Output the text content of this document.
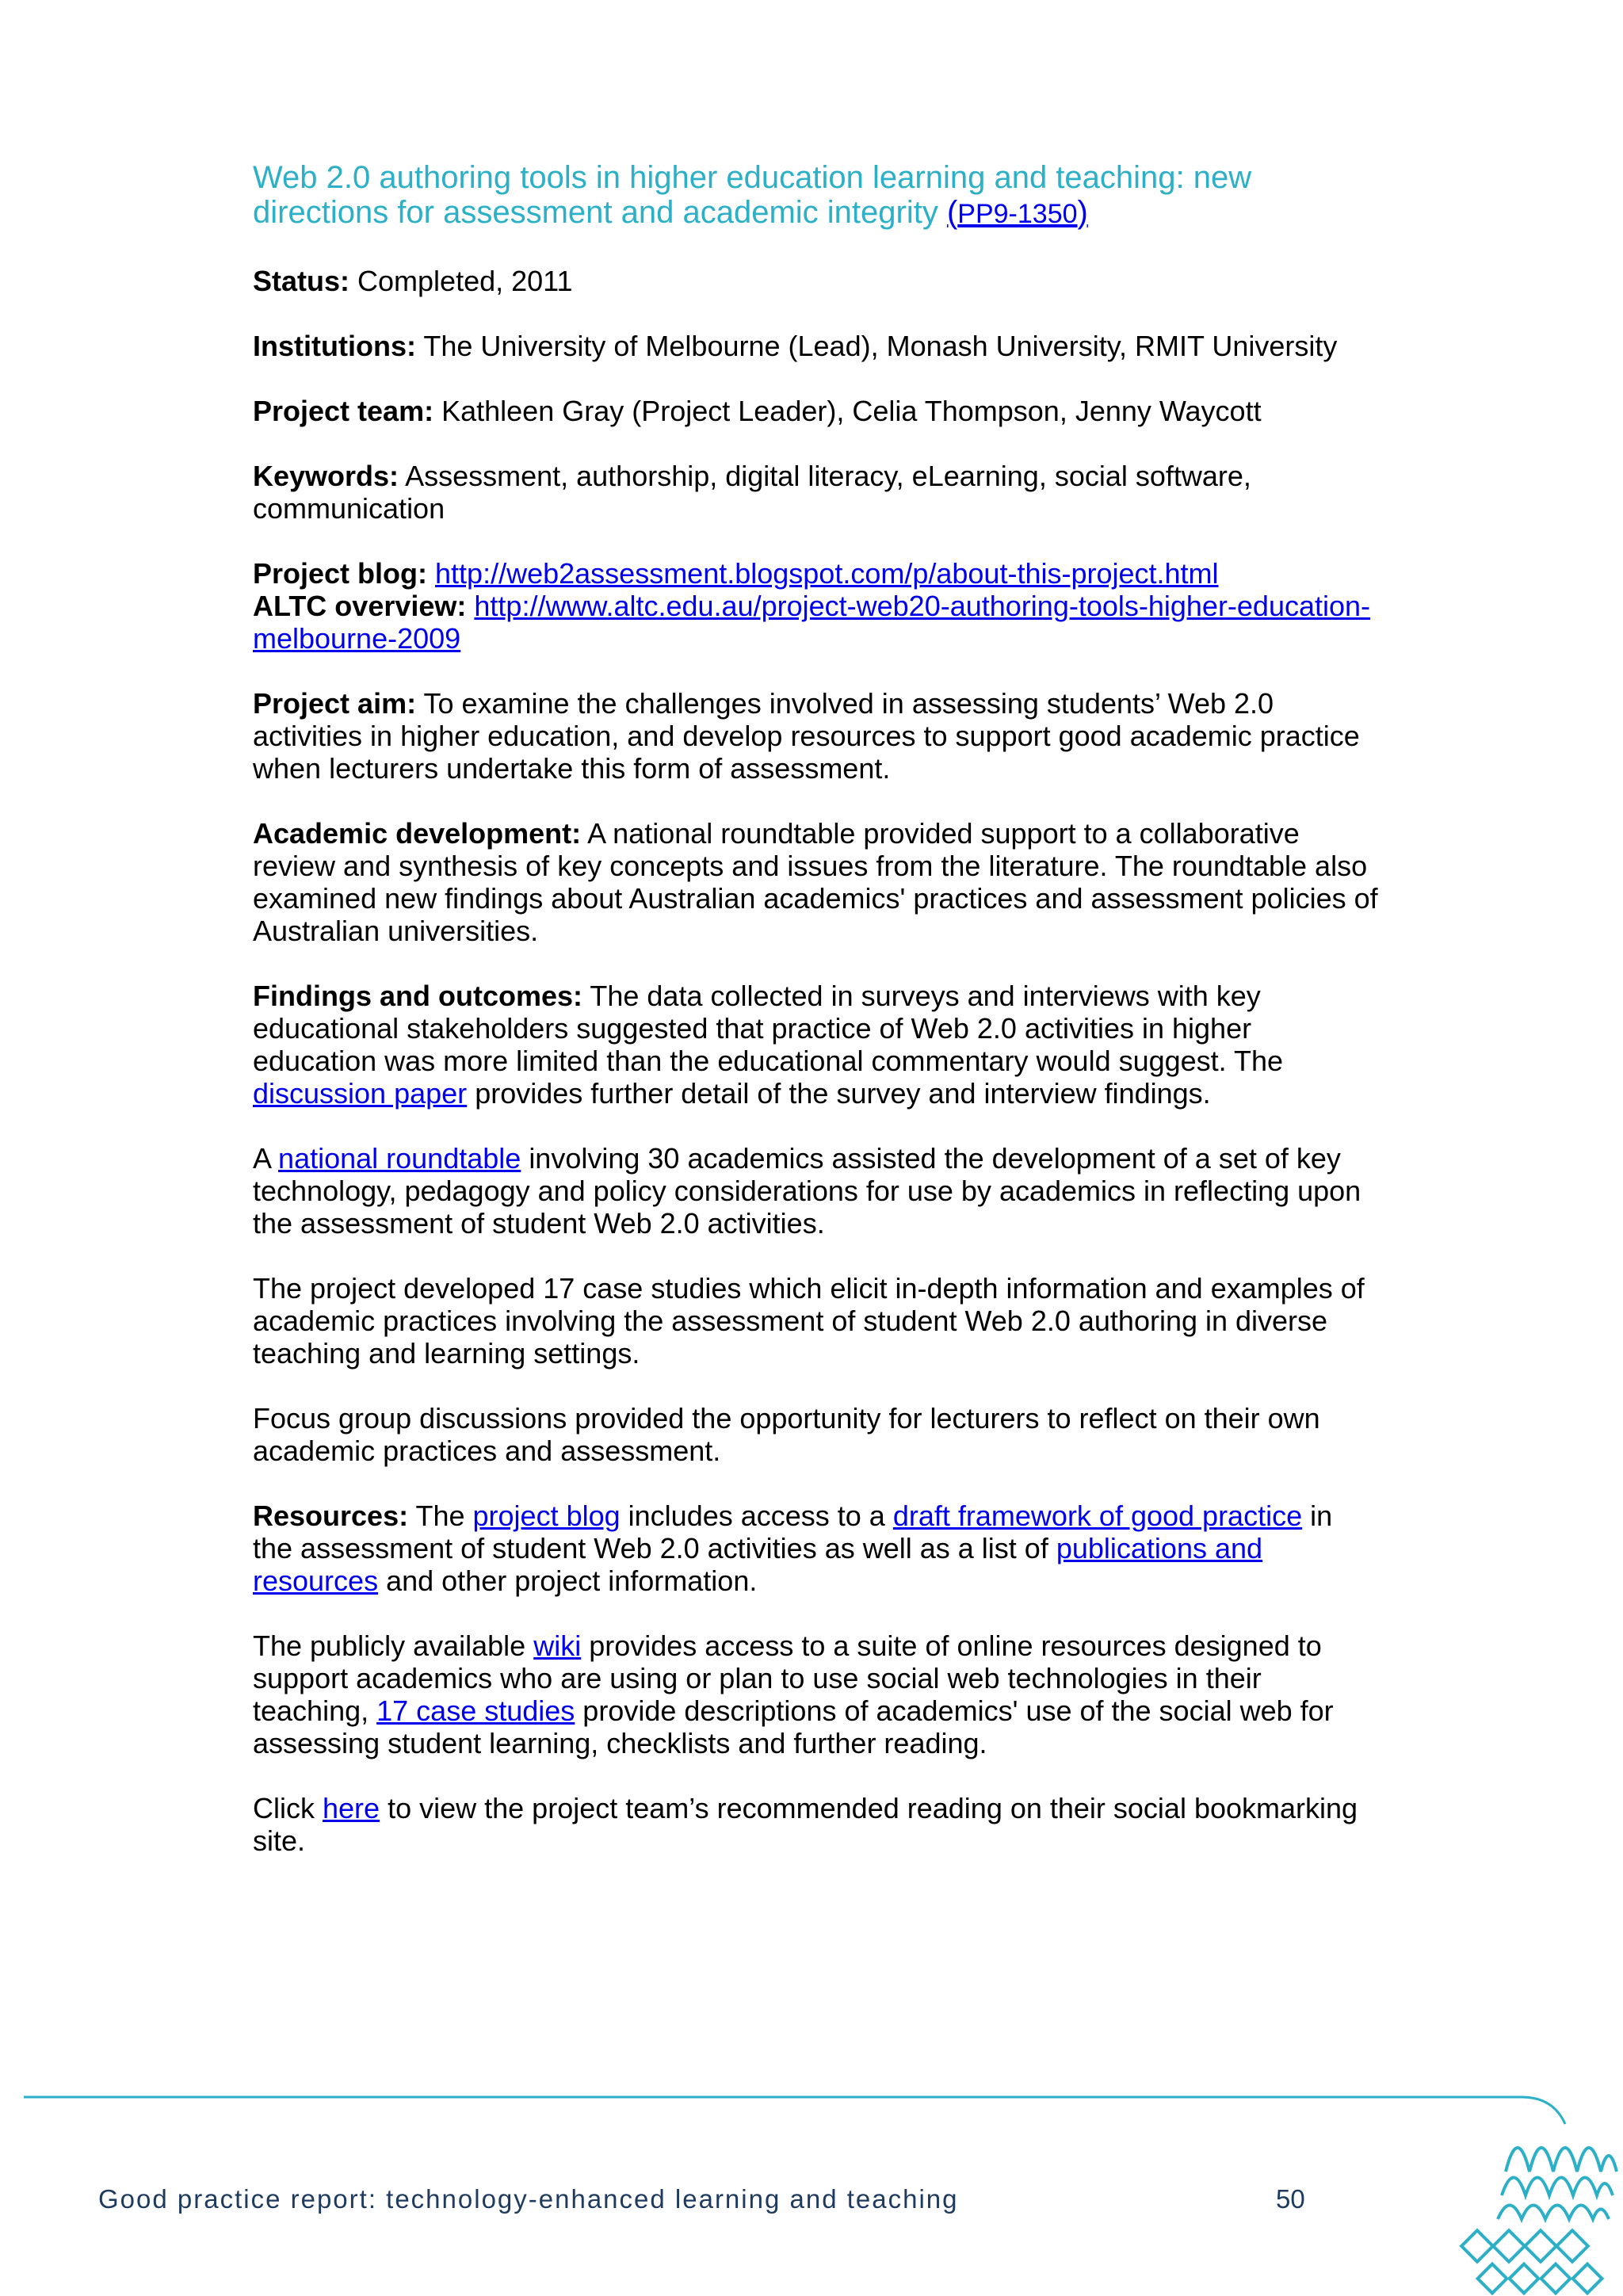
Web 2.0 authoring tools in higher education learning and teaching: new directions for assessment and academic integrity (PP9-1350)

Status: Completed, 2011

Institutions: The University of Melbourne (Lead), Monash University, RMIT University

Project team: Kathleen Gray (Project Leader), Celia Thompson, Jenny Waycott

Keywords: Assessment, authorship, digital literacy, eLearning, social software, communication

Project blog: http://web2assessment.blogspot.com/p/about-this-project.html

ALTC overview: http://www.altc.edu.au/project-web20-authoring-tools-higher-education-melbourne-2009

Project aim: To examine the challenges involved in assessing students’ Web 2.0 activities in higher education, and develop resources to support good academic practice when lecturers undertake this form of assessment.

Academic development: A national roundtable provided support to a collaborative review and synthesis of key concepts and issues from the literature. The roundtable also examined new findings about Australian academics' practices and assessment policies of Australian universities.

Findings and outcomes: The data collected in surveys and interviews with key educational stakeholders suggested that practice of Web 2.0 activities in higher education was more limited than the educational commentary would suggest. The discussion paper provides further detail of the survey and interview findings.

A national roundtable involving 30 academics assisted the development of a set of key technology, pedagogy and policy considerations for use by academics in reflecting upon the assessment of student Web 2.0 activities.

The project developed 17 case studies which elicit in-depth information and examples of academic practices involving the assessment of student Web 2.0 authoring in diverse teaching and learning settings.

Focus group discussions provided the opportunity for lecturers to reflect on their own academic practices and assessment.

Resources: The project blog includes access to a draft framework of good practice in the assessment of student Web 2.0 activities as well as a list of publications and resources and other project information.

The publicly available wiki provides access to a suite of online resources designed to support academics who are using or plan to use social web technologies in their teaching, 17 case studies provide descriptions of academics' use of the social web for assessing student learning, checklists and further reading.

Click here to view the project team’s recommended reading on their social bookmarking site.

Good practice report: technology-enhanced learning and teaching	50
